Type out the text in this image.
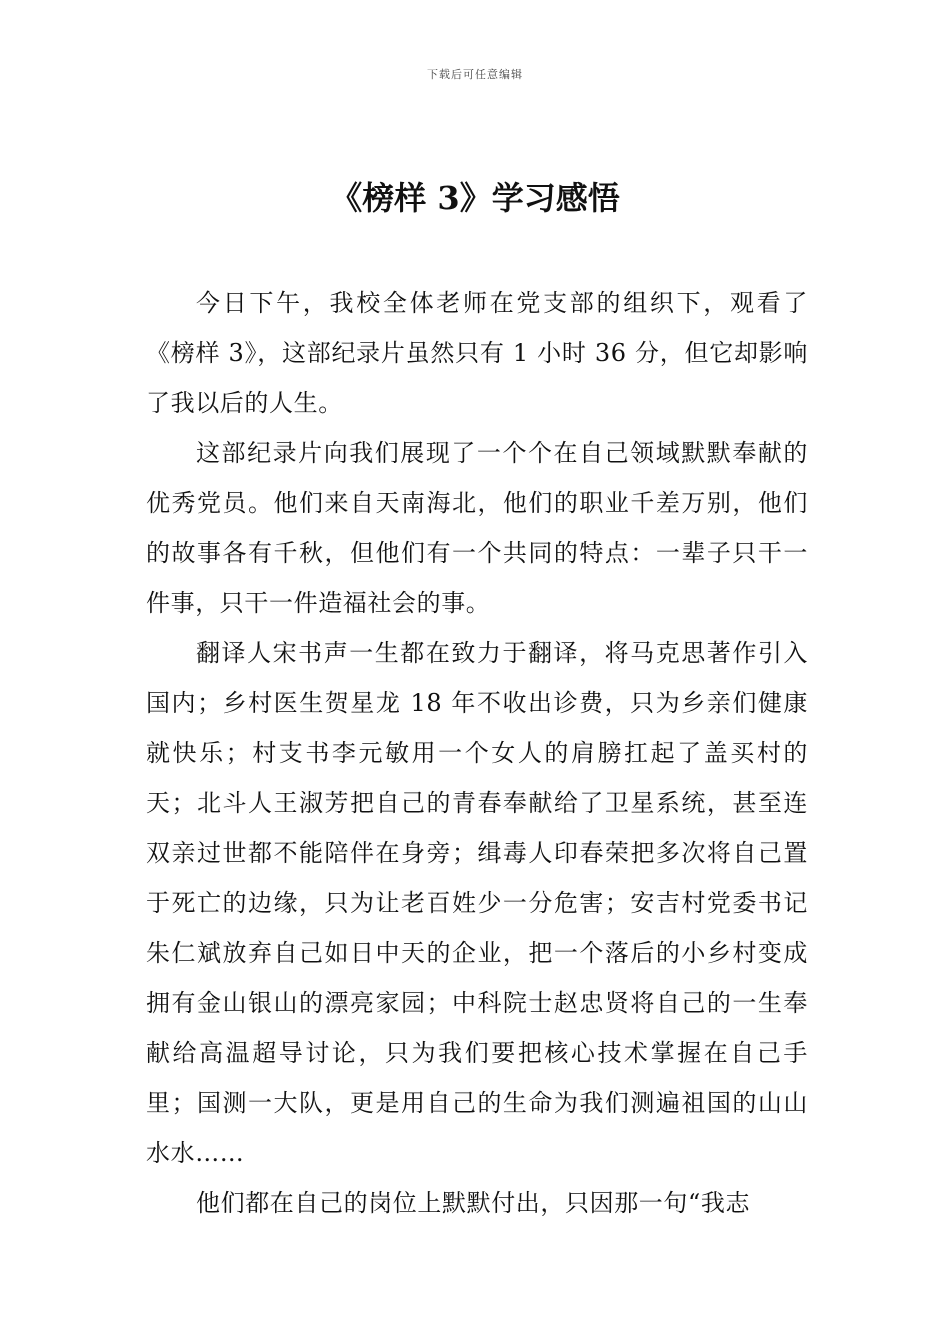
下载后可任意编辑
《榜样 3》学习感悟

今日下午，我校全体老师在党支部的组织下，观看了《榜样 3》，这部纪录片虽然只有 1 小时 36 分，但它却影响了我以后的人生。

这部纪录片向我们展现了一个个在自己领域默默奉献的优秀党员。他们来自天南海北，他们的职业千差万别，他们的故事各有千秋，但他们有一个共同的特点：一辈子只干一件事，只干一件造福社会的事。

翻译人宋书声一生都在致力于翻译，将马克思著作引入国内；乡村医生贺星龙 18 年不收出诊费，只为乡亲们健康就快乐；村支书李元敏用一个女人的肩膀扛起了盖买村的天；北斗人王淑芳把自己的青春奉献给了卫星系统，甚至连双亲过世都不能陪伴在身旁；缉毒人印春荣把多次将自己置于死亡的边缘，只为让老百姓少一分危害；安吉村党委书记朱仁斌放弃自己如日中天的企业，把一个落后的小乡村变成拥有金山银山的漂亮家园；中科院士赵忠贤将自己的一生奉献给高温超导讨论，只为我们要把核心技术掌握在自己手里；国测一大队，更是用自己的生命为我们测遍祖国的山山水水……

他们都在自己的岗位上默默付出，只因那一句“我志
